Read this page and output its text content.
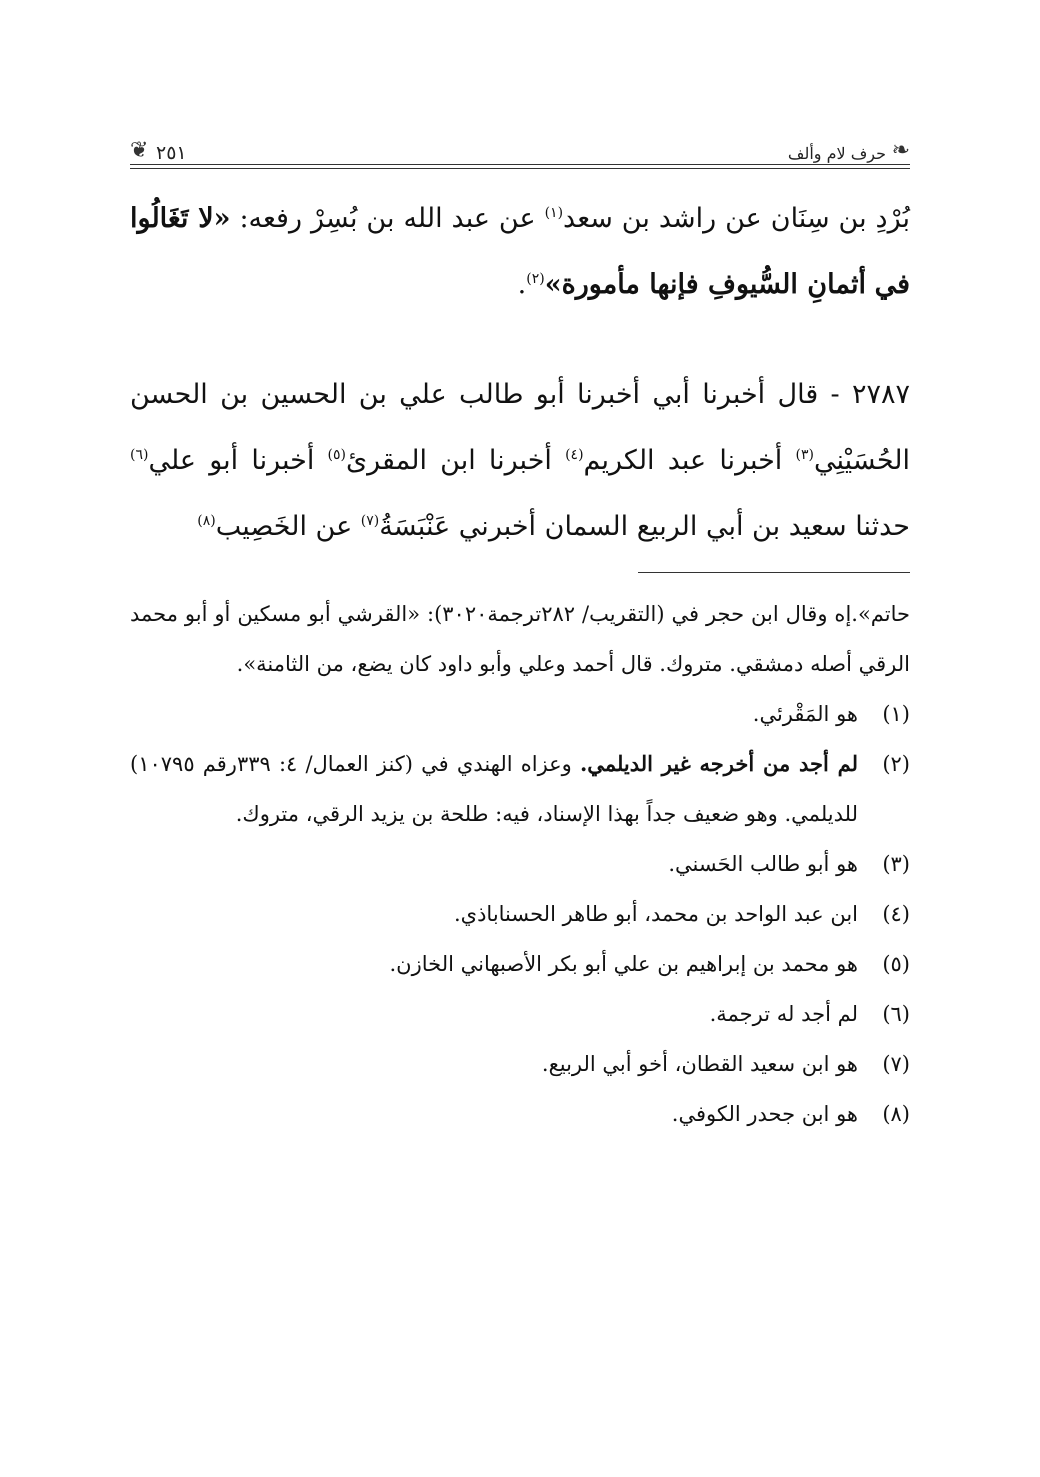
❧
حرف لام وألف
٢٥١
❦

بُرْدِ بن سِنَان عن راشد بن سعد$^{(١)}$ عن عبد الله بن بُسِرْ رفعه: «لا تَغَالُوا في أثمانِ السُّيوفِ فإنها مأمورة»$^{(٢)}$.

٢٧٨٧ - قال أخبرنا أبي أخبرنا أبو طالب علي بن الحسين بن الحسن الحُسَيْنِي$^{(٣)}$ أخبرنا عبد الكريم$^{(٤)}$ أخبرنا ابن المقرئ$^{(٥)}$ أخبرنا أبو علي$^{(٦)}$ حدثنا سعيد بن أبي الربيع السمان أخبرني عَنْبَسَةُ$^{(٧)}$ عن الخَصِيب$^{(٨)}$

حاتم».إه وقال ابن حجر في (التقريب/ ٢٨٢ترجمة٣٠٢٠): «القرشي أبو مسكين أو أبو محمد الرقي أصله دمشقي. متروك. قال أحمد وعلي وأبو داود كان يضع، من الثامنة».

(١)
هو المَقْرئي.
(٢)
لم أجد من أخرجه غير الديلمي. وعزاه الهندي في (كنز العمال/ ٤: ٣٣٩رقم ١٠٧٩٥) للديلمي. وهو ضعيف جداً بهذا الإسناد، فيه: طلحة بن يزيد الرقي، متروك.
(٣)
هو أبو طالب الحَسني.
(٤)
ابن عبد الواحد بن محمد، أبو طاهر الحسناباذي.
(٥)
هو محمد بن إبراهيم بن علي أبو بكر الأصبهاني الخازن.
(٦)
لم أجد له ترجمة.
(٧)
هو ابن سعيد القطان، أخو أبي الربيع.
(٨)
هو ابن جحدر الكوفي.
